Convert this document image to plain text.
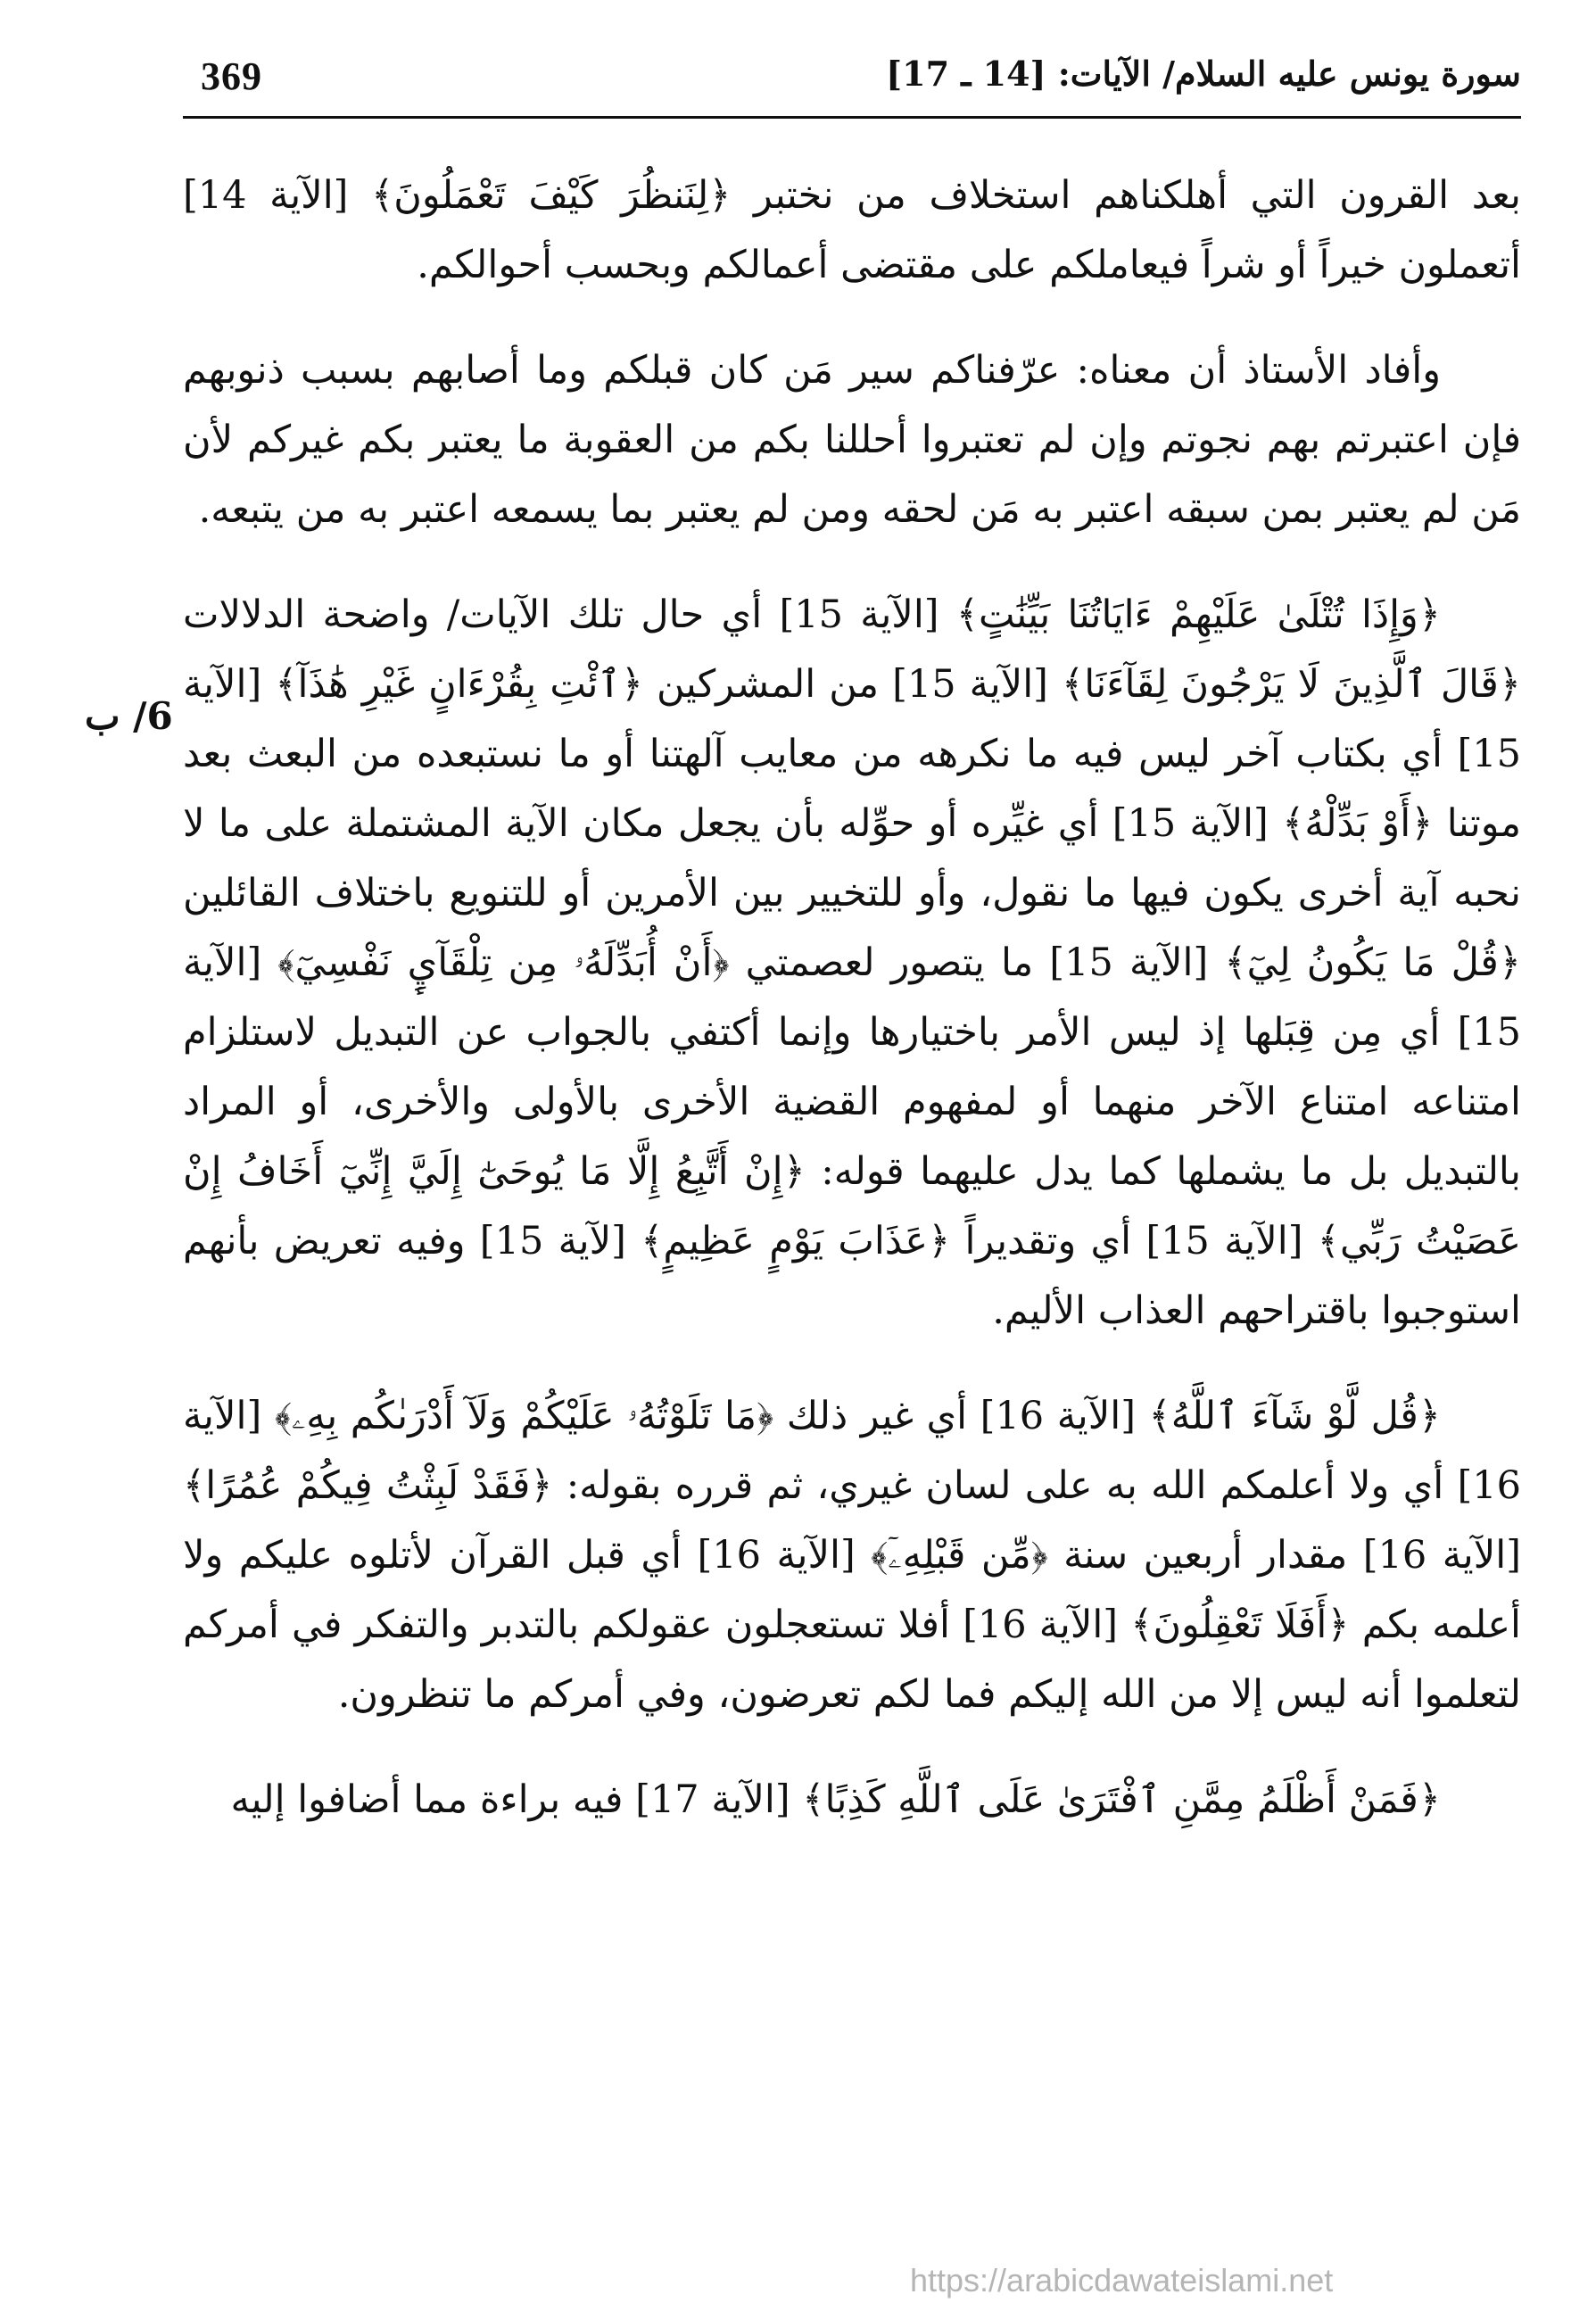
369	سورة يونس عليه السلام/ الآيات: [14 ـ 17]
6/ ب

بعد القرون التي أهلكناهم استخلاف من نختبر ﴿لِنَنظُرَ كَيْفَ تَعْمَلُونَ﴾ [الآية 14] أتعملون خيراً أو شراً فيعاملكم على مقتضى أعمالكم وبحسب أحوالكم.

وأفاد الأستاذ أن معناه: عرّفناكم سير مَن كان قبلكم وما أصابهم بسبب ذنوبهم فإن اعتبرتم بهم نجوتم وإن لم تعتبروا أحللنا بكم من العقوبة ما يعتبر بكم غيركم لأن مَن لم يعتبر بمن سبقه اعتبر به مَن لحقه ومن لم يعتبر بما يسمعه اعتبر به من يتبعه.

﴿وَإِذَا تُتْلَىٰ عَلَيْهِمْ ءَايَاتُنَا بَيِّنَٰتٍ﴾ [الآية 15] أي حال تلك الآيات/ واضحة الدلالات ﴿قَالَ ٱلَّذِينَ لَا يَرْجُونَ لِقَآءَنَا﴾ [الآية 15] من المشركين ﴿ٱئْتِ بِقُرْءَانٍ غَيْرِ هَٰذَآ﴾ [الآية 15] أي بكتاب آخر ليس فيه ما نكرهه من معايب آلهتنا أو ما نستبعده من البعث بعد موتنا ﴿أَوْ بَدِّلْهُ﴾ [الآية 15] أي غيِّره أو حوِّله بأن يجعل مكان الآية المشتملة على ما لا نحبه آية أخرى يكون فيها ما نقول، وأو للتخيير بين الأمرين أو للتنويع باختلاف القائلين ﴿قُلْ مَا يَكُونُ لِيٓ﴾ [الآية 15] ما يتصور لعصمتي ﴿أَنْ أُبَدِّلَهُۥ مِن تِلْقَآيِٕ نَفْسِيٓ﴾ [الآية 15] أي مِن قِبَلها إذ ليس الأمر باختيارها وإنما أكتفي بالجواب عن التبديل لاستلزام امتناعه امتناع الآخر منهما أو لمفهوم القضية الأخرى بالأولى والأخرى، أو المراد بالتبديل بل ما يشملها كما يدل عليهما قوله: ﴿إِنْ أَتَّبِعُ إِلَّا مَا يُوحَىٰٓ إِلَيَّ إِنِّيٓ أَخَافُ إِنْ عَصَيْتُ رَبِّي﴾ [الآية 15] أي وتقديراً ﴿عَذَابَ يَوْمٍ عَظِيمٍ﴾ [لآية 15] وفيه تعريض بأنهم استوجبوا باقتراحهم العذاب الأليم.

﴿قُل لَّوْ شَآءَ ٱللَّهُ﴾ [الآية 16] أي غير ذلك ﴿مَا تَلَوْتُهُۥ عَلَيْكُمْ وَلَآ أَدْرَىٰكُم بِهِۦ﴾ [الآية 16] أي ولا أعلمكم الله به على لسان غيري، ثم قرره بقوله: ﴿فَقَدْ لَبِثْتُ فِيكُمْ عُمُرًا﴾ [الآية 16] مقدار أربعين سنة ﴿مِّن قَبْلِهِۦٓ﴾ [الآية 16] أي قبل القرآن لأتلوه عليكم ولا أعلمه بكم ﴿أَفَلَا تَعْقِلُونَ﴾ [الآية 16] أفلا تستعجلون عقولكم بالتدبر والتفكر في أمركم لتعلموا أنه ليس إلا من الله إليكم فما لكم تعرضون، وفي أمركم ما تنظرون.

﴿فَمَنْ أَظْلَمُ مِمَّنِ ٱفْتَرَىٰ عَلَى ٱللَّهِ كَذِبًا﴾ [الآية 17] فيه براءة مما أضافوا إليه

https://arabicdawateislami.net
